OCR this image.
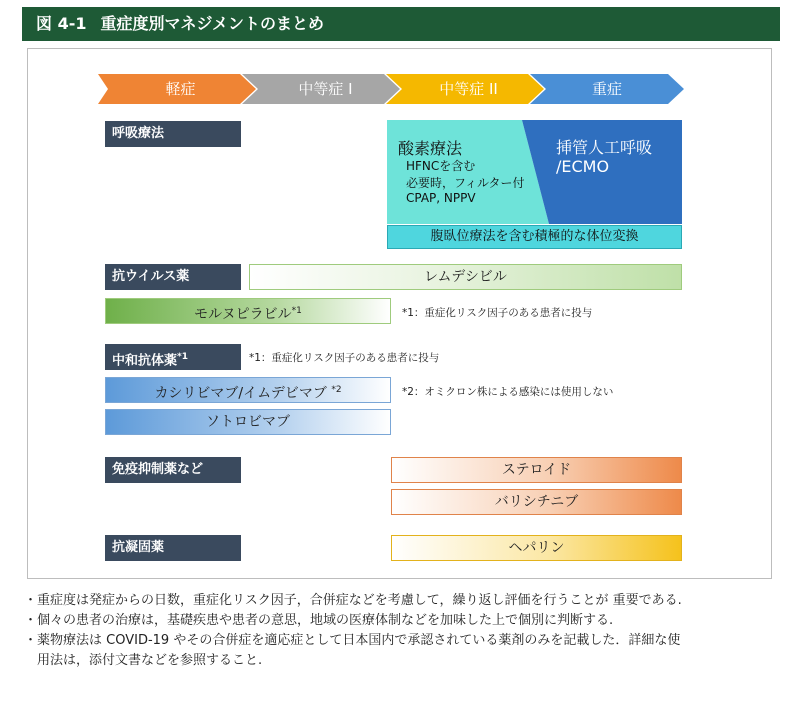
図 4-1 重症度別マネジメントのまとめ
軽症	中等症 I	中等症 II	重症
呼吸療法
酸素療法
HFNCを含む
必要時，フィルター付
CPAP, NPPV
挿管人工呼吸
/ECMO
腹臥位療法を含む積極的な体位変換
抗ウイルス薬	レムデシビル
モルヌピラビル$^{*1}$	*1：重症化リスク因子のある患者に投与
中和抗体薬$^{*1}$	*1：重症化リスク因子のある患者に投与
カシリビマブ/イムデビマブ $^{*2}$	*2：オミクロン株による感染には使用しない
ソトロビマブ
免疫抑制薬など	ステロイド
バリシチニブ
抗凝固薬	ヘパリン
・重症度は発症からの日数，重症化リスク因子，合併症などを考慮して，繰り返し評価を行うことが 重要である.
・個々の患者の治療は，基礎疾患や患者の意思，地域の医療体制などを加味した上で個別に判断する.
・薬物療法は COVID-19 やその合併症を適応症として日本国内で承認されている薬剤のみを記載した．詳細な使
　用法は，添付文書などを参照すること.
